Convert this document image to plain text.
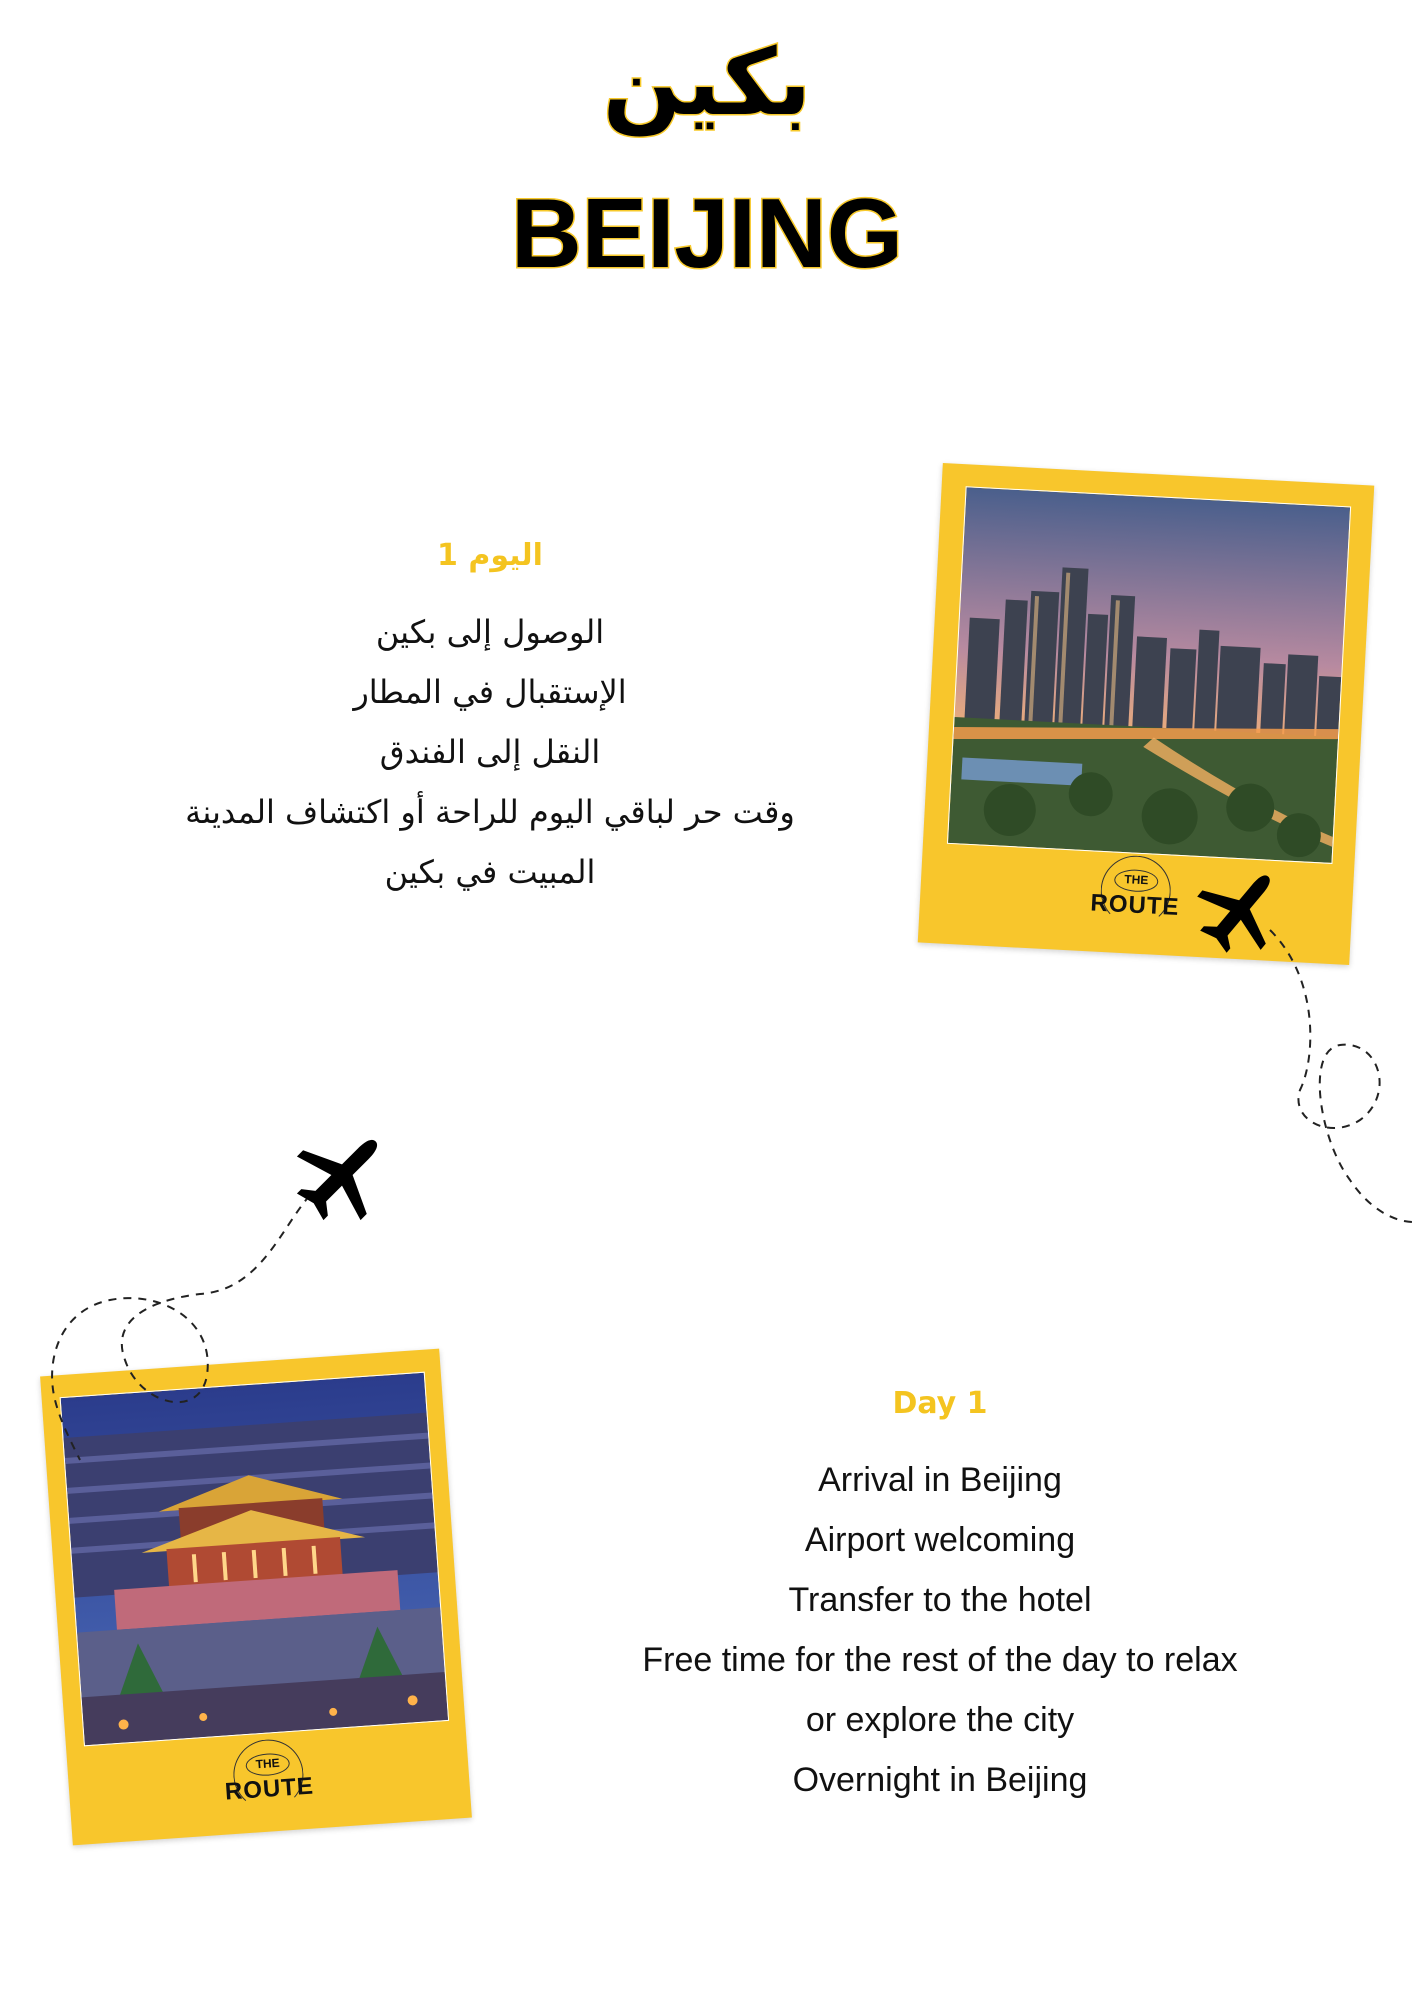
بكين
BEIJING
اليوم 1
الوصول إلى بكين
الإستقبال في المطار
النقل إلى الفندق
وقت حر لباقي اليوم للراحة أو اكتشاف المدينة
المبيت في بكين
Day 1
Arrival in Beijing
Airport welcoming
Transfer to the hotel
Free time for the rest of the day to relax
or explore the city
Overnight in Beijing
THE
ROUTE
THE
ROUTE
